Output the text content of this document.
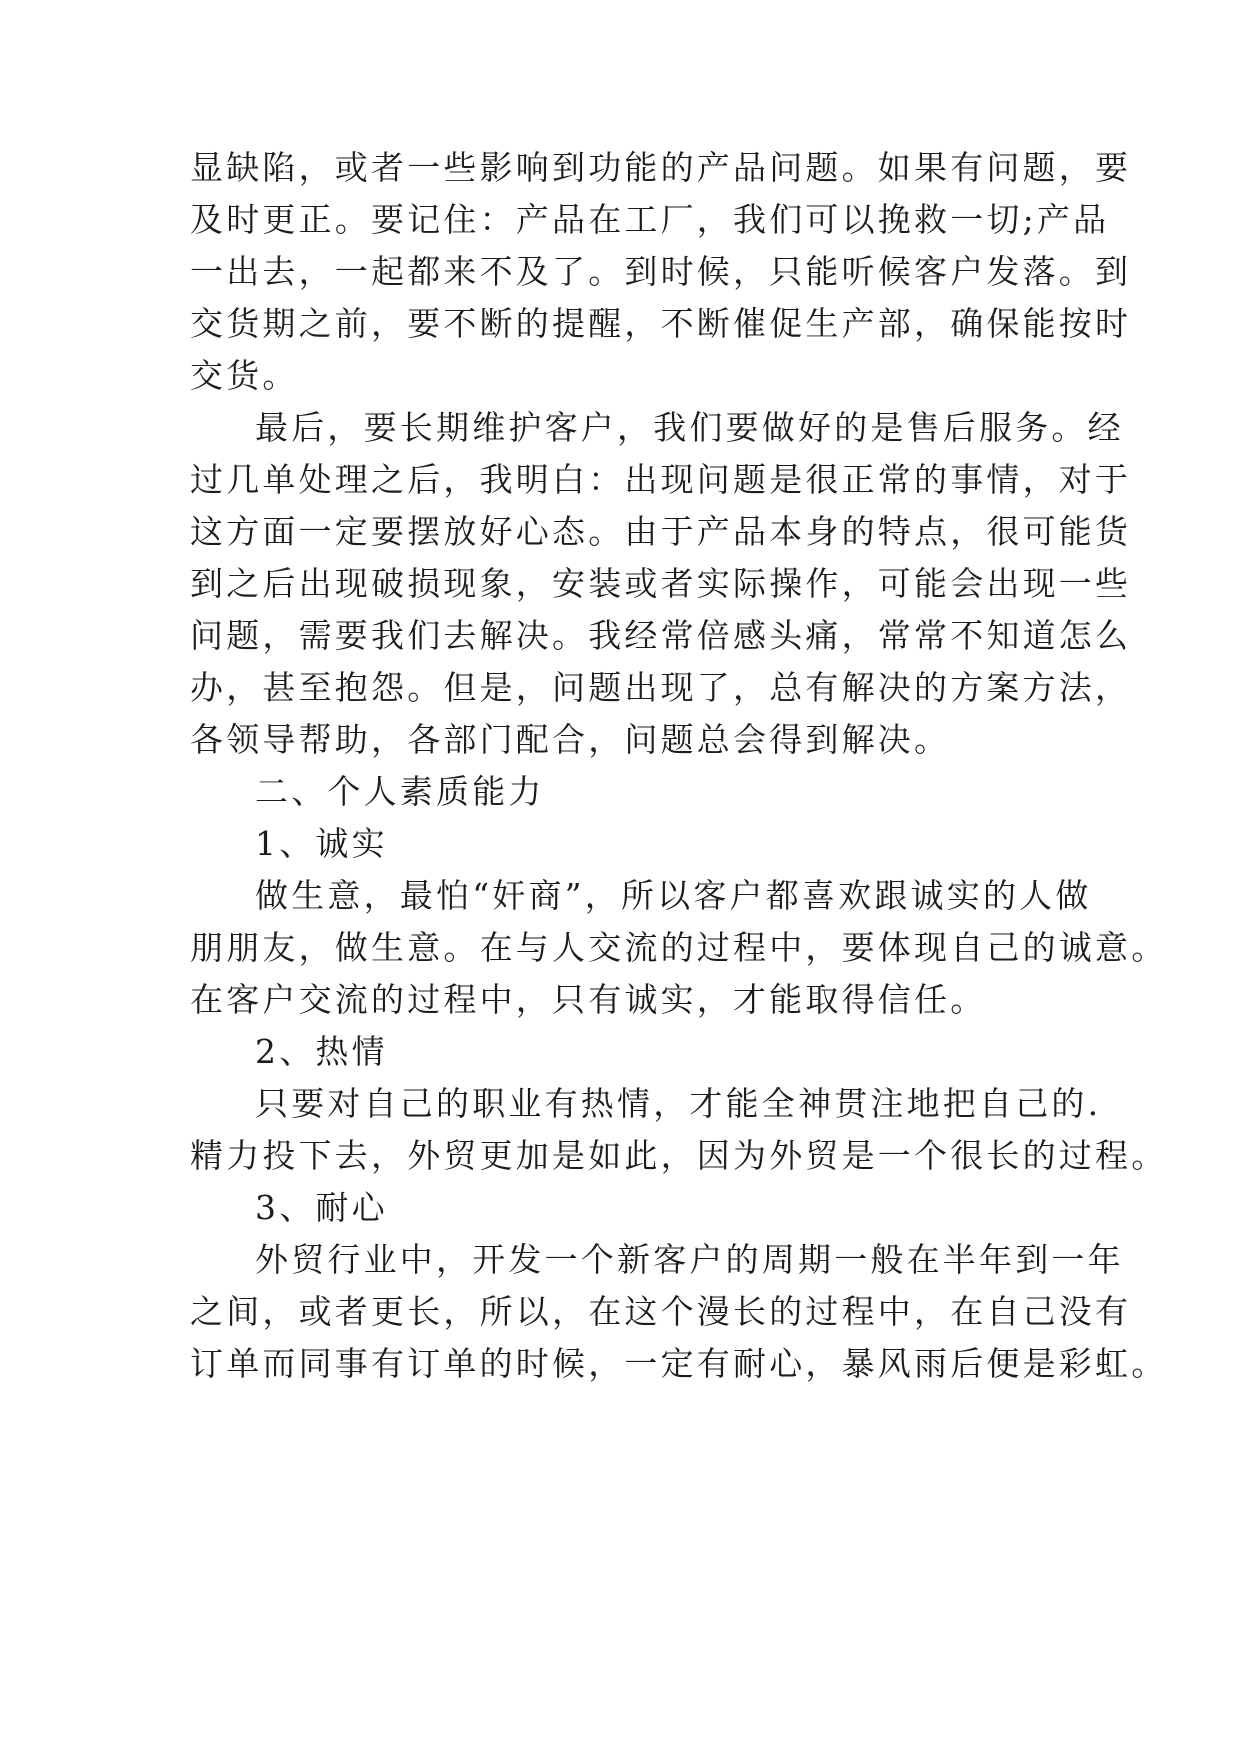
显缺陷，或者一些影响到功能的产品问题。如果有问题，要

及时更正。要记住：产品在工厂，我们可以挽救一切;产品

一出去，一起都来不及了。到时候，只能听候客户发落。到

交货期之前，要不断的提醒，不断催促生产部，确保能按时

交货。

最后，要长期维护客户，我们要做好的是售后服务。经

过几单处理之后，我明白：出现问题是很正常的事情，对于

这方面一定要摆放好心态。由于产品本身的特点，很可能货

到之后出现破损现象，安装或者实际操作，可能会出现一些

问题，需要我们去解决。我经常倍感头痛，常常不知道怎么

办，甚至抱怨。但是，问题出现了，总有解决的方案方法，

各领导帮助，各部门配合，问题总会得到解决。

二、个人素质能力

1、诚实

做生意，最怕“奸商”，所以客户都喜欢跟诚实的人做

朋朋友，做生意。在与人交流的过程中，要体现自己的诚意。

在客户交流的过程中，只有诚实，才能取得信任。

2、热情

只要对自己的职业有热情，才能全神贯注地把自己的.

精力投下去，外贸更加是如此，因为外贸是一个很长的过程。

3、耐心

外贸行业中，开发一个新客户的周期一般在半年到一年

之间，或者更长，所以，在这个漫长的过程中，在自己没有

订单而同事有订单的时候，一定有耐心，暴风雨后便是彩虹。
